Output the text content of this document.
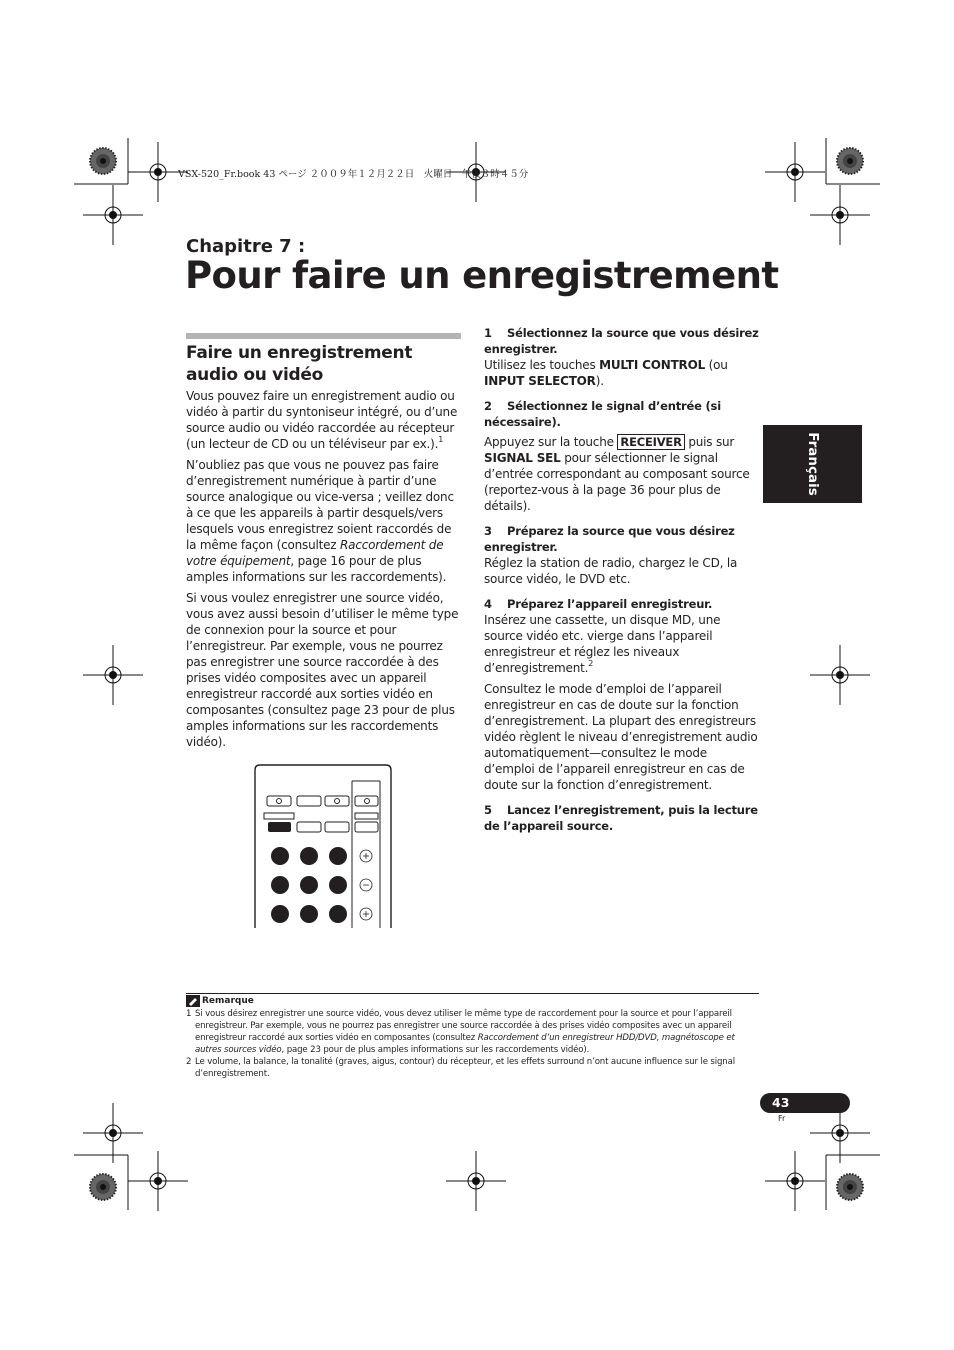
VSX-520_Fr.book 43 ページ ２００９年１２月２２日　火曜日　午後３時４５分
Chapitre 7 :
Pour faire un enregistrement
Français
Faire un enregistrement audio ou vidéo

Vous pouvez faire un enregistrement audio ou vidéo à partir du syntoniseur intégré, ou d’une source audio ou vidéo raccordée au récepteur (un lecteur de CD ou un téléviseur par ex.).$^1$

N’oubliez pas que vous ne pouvez pas faire d’enregistrement numérique à partir d’une source analogique ou vice-versa ; veillez donc à ce que les appareils à partir desquels/vers lesquels vous enregistrez soient raccordés de la même façon (consultez Raccordement de votre équipement, page 16 pour de plus amples informations sur les raccordements).

Si vous voulez enregistrer une source vidéo, vous avez aussi besoin d’utiliser le même type de connexion pour la source et pour l’enregistreur. Par exemple, vous ne pourrez pas enregistrer une source raccordée à des prises vidéo composites avec un appareil enregistreur raccordé aux sorties vidéo en composantes (consultez page 23 pour de plus amples informations sur les raccordements vidéo).

1 Sélectionnez la source que vous désirez enregistrer.

Utilisez les touches MULTI CONTROL (ou INPUT SELECTOR).

2 Sélectionnez le signal d’entrée (si nécessaire).

Appuyez sur la touche RECEIVER puis sur SIGNAL SEL pour sélectionner le signal d’entrée correspondant au composant source (reportez-vous à la page 36 pour plus de détails).

3 Préparez la source que vous désirez enregistrer.

Réglez la station de radio, chargez le CD, la source vidéo, le DVD etc.

4 Préparez l’appareil enregistreur.

Insérez une cassette, un disque MD, une source vidéo etc. vierge dans l’appareil enregistreur et réglez les niveaux d’enregistrement.$^2$

Consultez le mode d’emploi de l’appareil enregistreur en cas de doute sur la fonction d’enregistrement. La plupart des enregistreurs vidéo règlent le niveau d’enregistrement audio automatiquement—consultez le mode d’emploi de l’appareil enregistreur en cas de doute sur la fonction d’enregistrement.

5 Lancez l’enregistrement, puis la lecture de l’appareil source.
Remarque
1 Si vous désirez enregistrer une source vidéo, vous devez utiliser le même type de raccordement pour la source et pour l’appareil enregistreur. Par exemple, vous ne pourrez pas enregistrer une source raccordée à des prises vidéo composites avec un appareil enregistreur raccordé aux sorties vidéo en composantes (consultez Raccordement d’un enregistreur HDD/DVD, magnétoscope et autres sources vidéo, page 23 pour de plus amples informations sur les raccordements vidéo).
2 Le volume, la balance, la tonalité (graves, aigus, contour) du récepteur, et les effets surround n’ont aucune influence sur le signal d’enregistrement.
43
Fr
